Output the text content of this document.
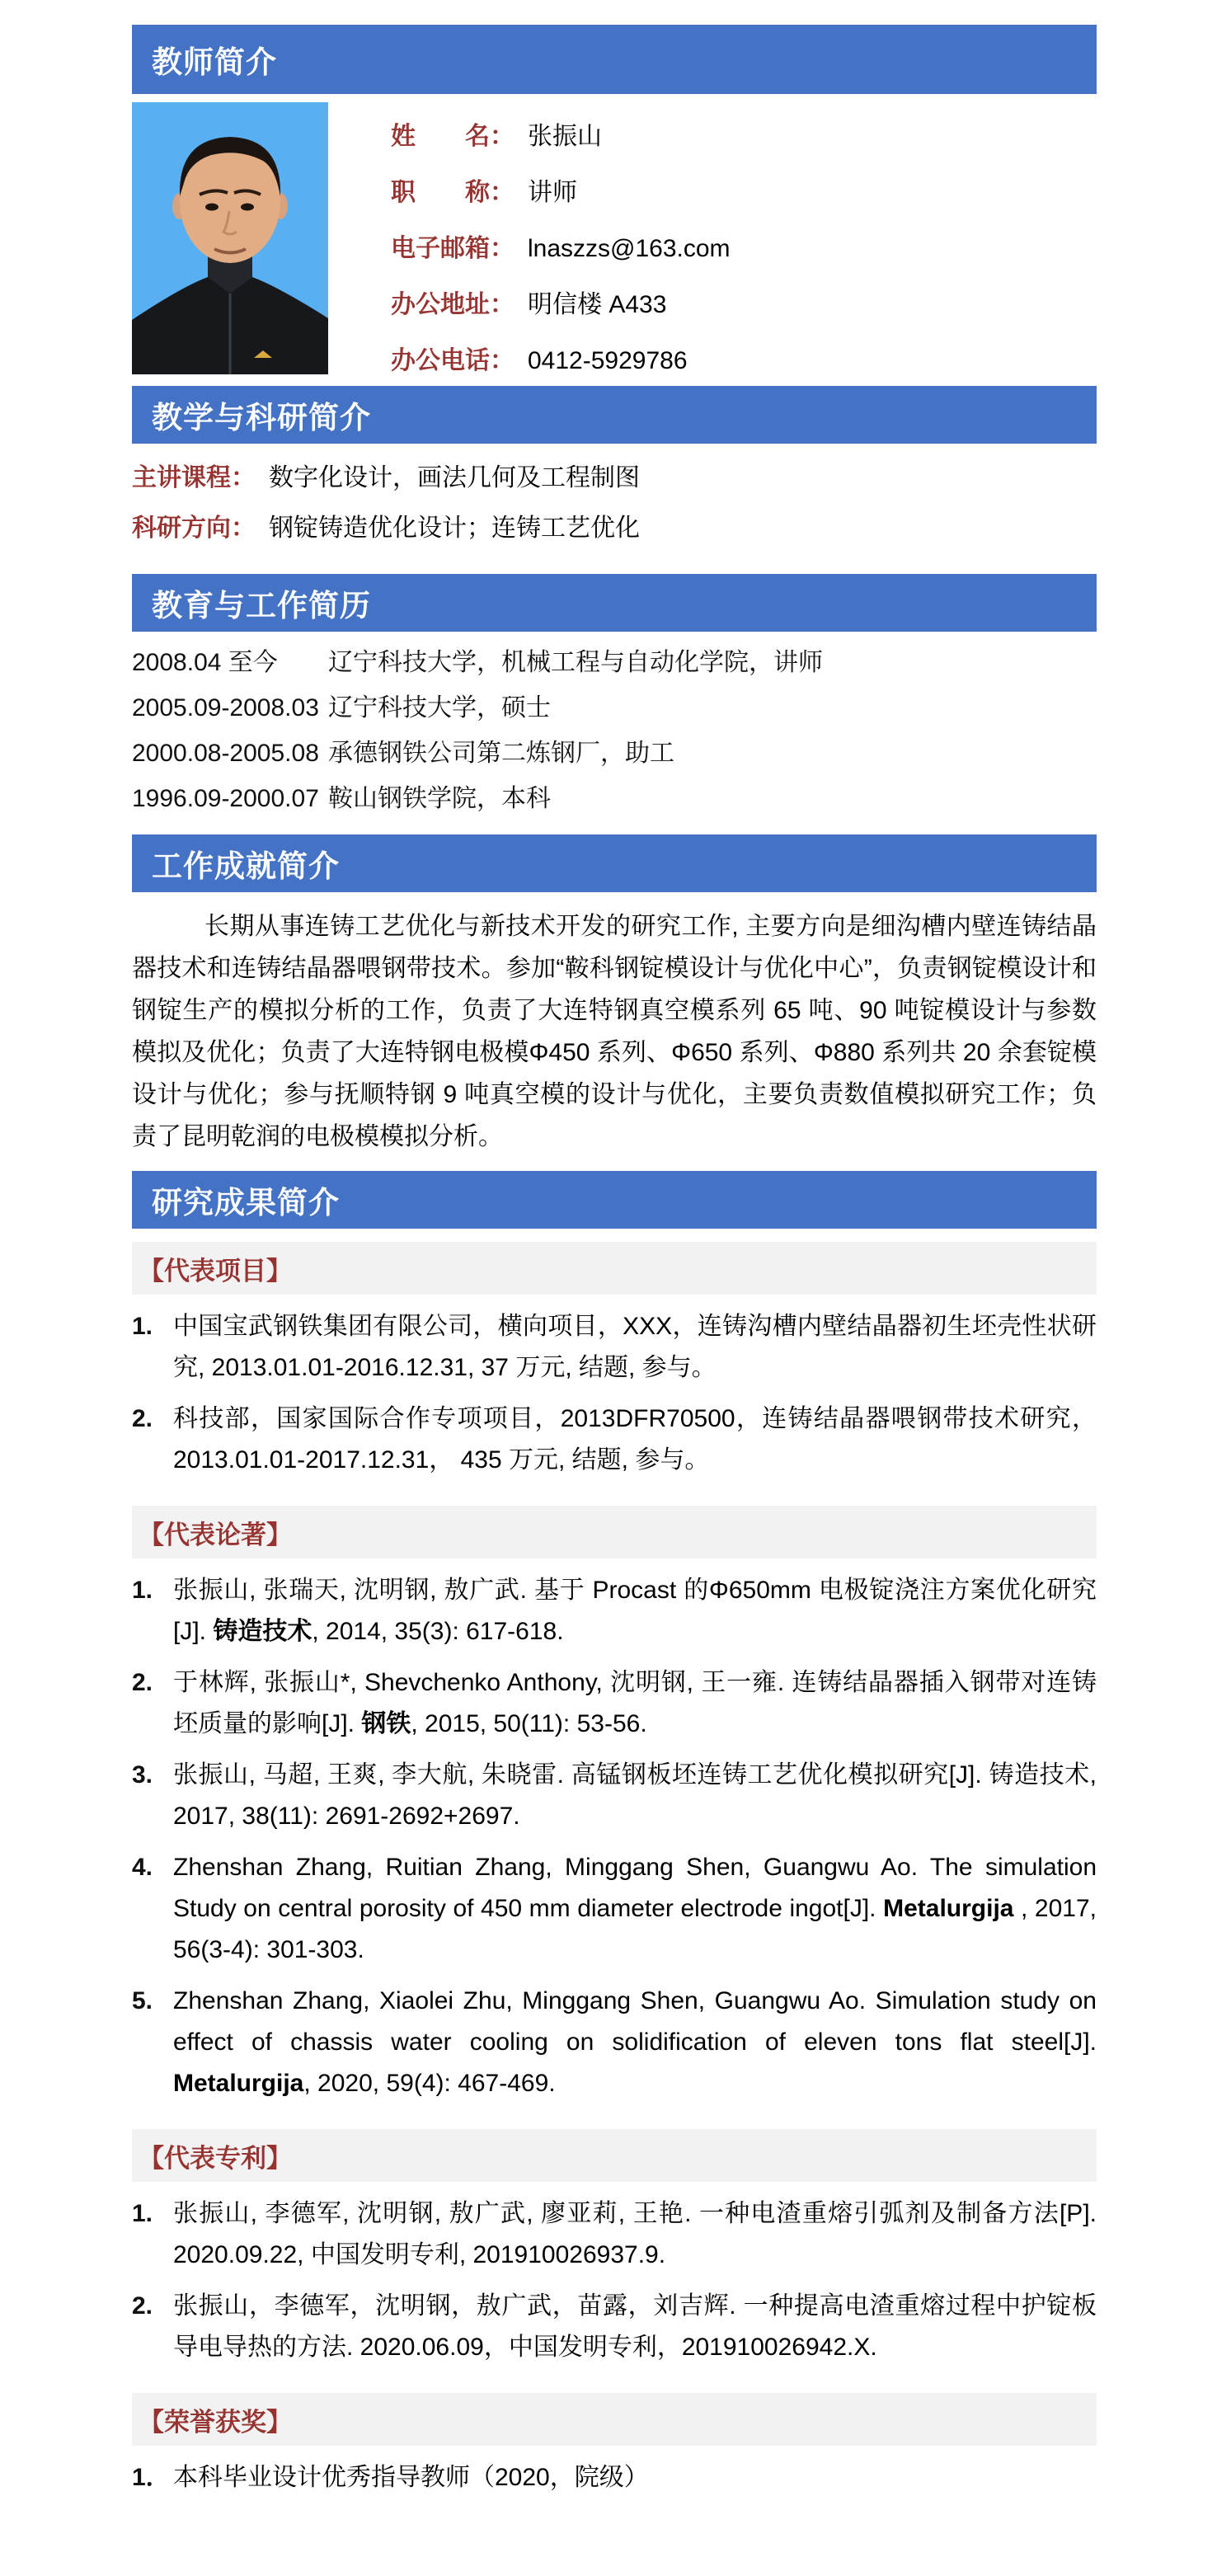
教师简介
姓　　名： 张振山
职　　称： 讲师
电子邮箱： lnaszzs@163.com
办公地址： 明信楼 A433
办公电话： 0412-5929786
教学与科研简介
主讲课程： 数字化设计，画法几何及工程制图
科研方向： 钢锭铸造优化设计；连铸工艺优化
教育与工作简历
2008.04 至今	辽宁科技大学，机械工程与自动化学院，讲师
2005.09-2008.03 辽宁科技大学，硕士
2000.08-2005.08 承德钢铁公司第二炼钢厂，助工
1996.09-2000.07 鞍山钢铁学院，本科
工作成就简介

长期从事连铸工艺优化与新技术开发的研究工作, 主要方向是细沟槽内壁连铸结晶器技术和连铸结晶器喂钢带技术。参加“鞍科钢锭模设计与优化中心”，负责钢锭模设计和钢锭生产的模拟分析的工作，负责了大连特钢真空模系列 65 吨、90 吨锭模设计与参数模拟及优化；负责了大连特钢电极模Φ450 系列、Φ650 系列、Φ880 系列共 20 余套锭模设计与优化；参与抚顺特钢 9 吨真空模的设计与优化，主要负责数值模拟研究工作；负责了昆明乾润的电极模模拟分析。

研究成果简介
【代表项目】
1. 中国宝武钢铁集团有限公司，横向项目，XXX，连铸沟槽内壁结晶器初生坯壳性状研究, 2013.01.01-2016.12.31, 37 万元, 结题, 参与。
2. 科技部，国家国际合作专项项目，2013DFR70500，连铸结晶器喂钢带技术研究，2013.01.01-2017.12.31， 435 万元, 结题, 参与。
【代表论著】
1. 张振山, 张瑞天, 沈明钢, 敖广武. 基于 Procast 的Φ650mm 电极锭浇注方案优化研究[J]. 铸造技术, 2014, 35(3): 617-618.
2. 于林辉, 张振山*, Shevchenko Anthony, 沈明钢, 王一雍. 连铸结晶器插入钢带对连铸坯质量的影响[J]. 钢铁, 2015, 50(11): 53-56.
3. 张振山, 马超, 王爽, 李大航, 朱晓雷. 高锰钢板坯连铸工艺优化模拟研究[J]. 铸造技术, 2017, 38(11): 2691-2692+2697.
4. Zhenshan Zhang, Ruitian Zhang, Minggang Shen, Guangwu Ao. The simulation Study on central porosity of 450 mm diameter electrode ingot[J]. Metalurgija , 2017, 56(3-4): 301-303.
5. Zhenshan Zhang, Xiaolei Zhu, Minggang Shen, Guangwu Ao. Simulation study on effect of chassis water cooling on solidification of eleven tons flat steel[J]. Metalurgija, 2020, 59(4): 467-469.
【代表专利】
1. 张振山, 李德军, 沈明钢, 敖广武, 廖亚莉, 王艳. 一种电渣重熔引弧剂及制备方法[P]. 2020.09.22, 中国发明专利, 201910026937.9.
2. 张振山，李德军，沈明钢，敖广武，苗露，刘吉辉. 一种提高电渣重熔过程中护锭板导电导热的方法. 2020.06.09，中国发明专利，201910026942.X.
【荣誉获奖】
1． 本科毕业设计优秀指导教师（2020，院级）
